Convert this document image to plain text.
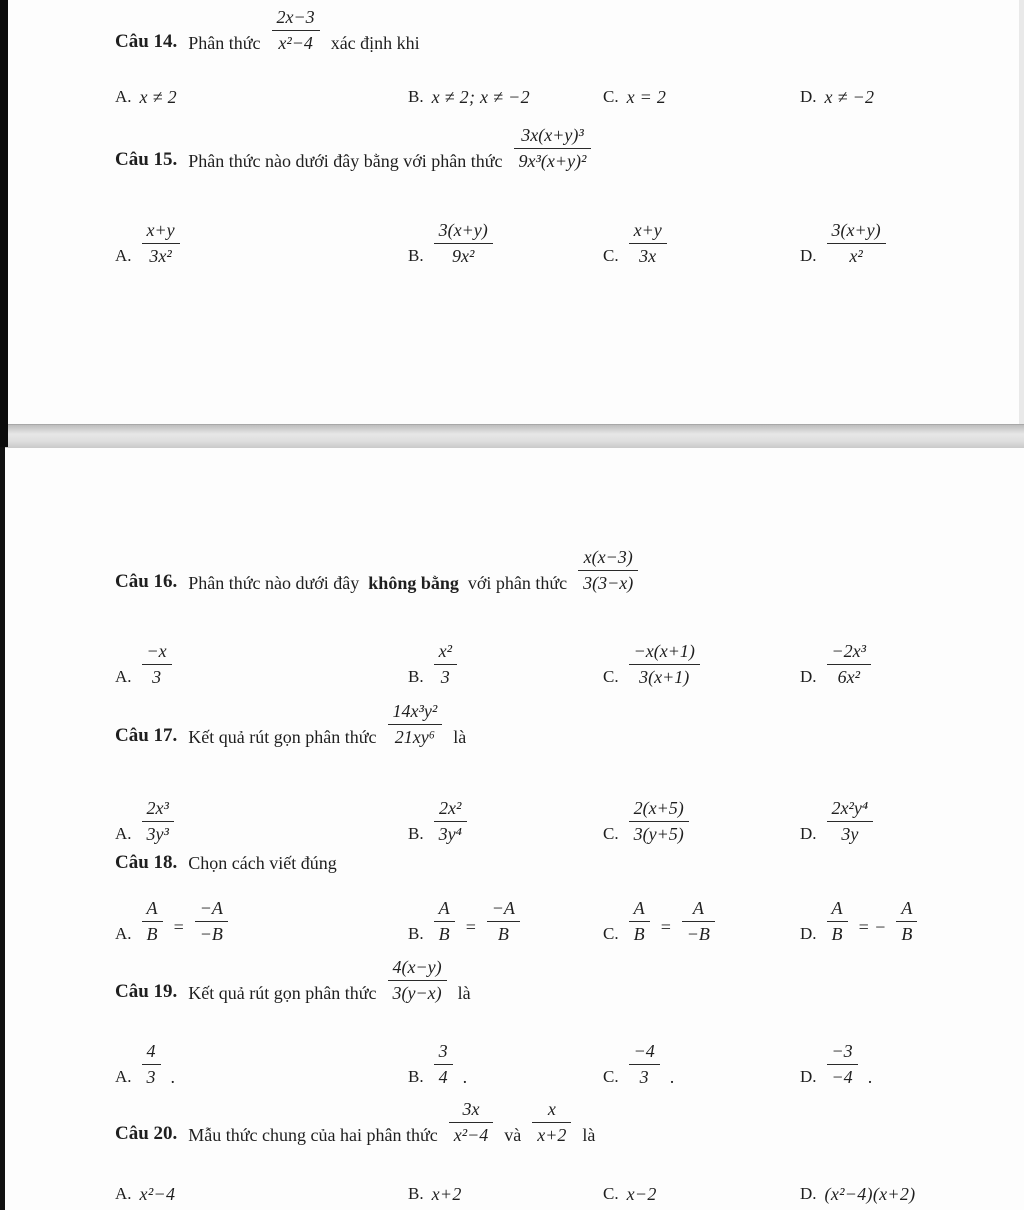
Câu 14. Phân thức $\frac{2x-3}{\text{x²−4}}$ xác định khi
A. x ≠ 2	B. x ≠ 2; x ≠ −2	C. x = 2	D. x ≠ −2
Câu 15. Phân thức nào dưới đây bằng với phân thức $\frac{\text{3x(x+y)³}}{\text{9x³(x+y)²}}$
A. $\frac{x+y}{\text{3x²}}$	B. $\frac{3(x+y)}{\text{9x²}}$	C. $\frac{x+y}{3x}$	D. $\frac{3(x+y)}{\text{x²}}$
Câu 16. Phân thức nào dưới đây không bằng với phân thức $\frac{x(x-3)}{3(3-x)}$
A. $\frac{-x}{3}$	B. $\frac{\text{x²}}{3}$	C. $\frac{-x(x+1)}{3(x+1)}$	D. $\frac{\text{−2x³}}{\text{6x²}}$
Câu 17. Kết quả rút gọn phân thức $\frac{\text{14x³y²}}{\text{21xy⁶}}$ là
A. $\frac{\text{2x³}}{\text{3y³}}$	B. $\frac{\text{2x²}}{\text{3y⁴}}$	C. $\frac{2(x+5)}{3(y+5)}$	D. $\frac{\text{2x²y⁴}}{3y}$
Câu 18. Chọn cách viết đúng
A. $\frac{A}{B} = \frac{-A}{-B}$	B. $\frac{A}{B} = \frac{-A}{B}$	C. $\frac{A}{B} = \frac{A}{-B}$	D. $\frac{A}{B}$ = − $\frac{A}{B}$
Câu 19. Kết quả rút gọn phân thức $\frac{4(x-y)}{3(y-x)}$ là
A. $\frac{4}{3}$ .	B. $\frac{3}{4}$ .	C. $\frac{-4}{3}$ .	D. $\frac{-3}{-4}$ .
Câu 20. Mẫu thức chung của hai phân thức $\frac{3x}{\text{x²−4}}$ và $\frac{x}{x+2}$ là
A. x²−4	B. x+2	C. x−2	D. (x²−4)(x+2)
